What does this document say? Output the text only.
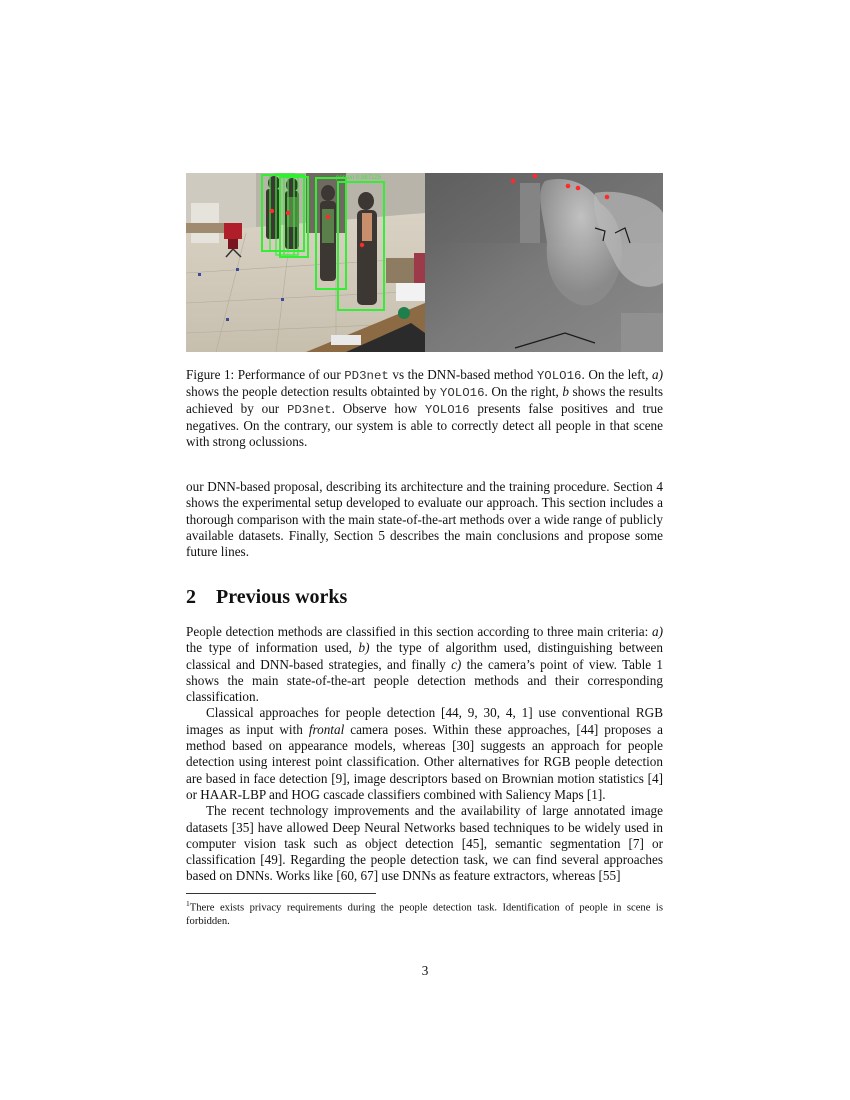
person 0.887125

Figure 1: Performance of our PD3net vs the DNN-based method YOLO16. On the left, a) shows the people detection results obtainted by YOLO16. On the right, b shows the results achieved by our PD3net. Observe how YOLO16 presents false positives and true negatives. On the contrary, our system is able to correctly detect all people in that scene with strong oclussions.

our DNN-based proposal, describing its architecture and the training procedure. Section 4 shows the experimental setup developed to evaluate our approach. This section includes a thorough comparison with the main state-of-the-art methods over a wide range of publicly available datasets. Finally, Section 5 describes the main conclusions and propose some future lines.

2 Previous works

People detection methods are classified in this section according to three main criteria: a) the type of information used, b) the type of algorithm used, distinguishing between classical and DNN-based strategies, and finally c) the camera’s point of view. Table 1 shows the main state-of-the-art people detection methods and their corresponding classification.

Classical approaches for people detection [44, 9, 30, 4, 1] use conventional RGB images as input with frontal camera poses. Within these approaches, [44] proposes a method based on appearance models, whereas [30] suggests an approach for people detection using interest point classification. Other alternatives for RGB people detection are based in face detection [9], image descriptors based on Brownian motion statistics [4] or HAAR-LBP and HOG cascade classifiers combined with Saliency Maps [1].

The recent technology improvements and the availability of large annotated image datasets [35] have allowed Deep Neural Networks based techniques to be widely used in computer vision task such as object detection [45], semantic segmentation [7] or classification [49]. Regarding the people detection task, we can find several approaches based on DNNs. Works like [60, 67] use DNNs as feature extractors, whereas [55]

$^1$There exists privacy requirements during the people detection task. Identification of people in scene is forbidden.
3
